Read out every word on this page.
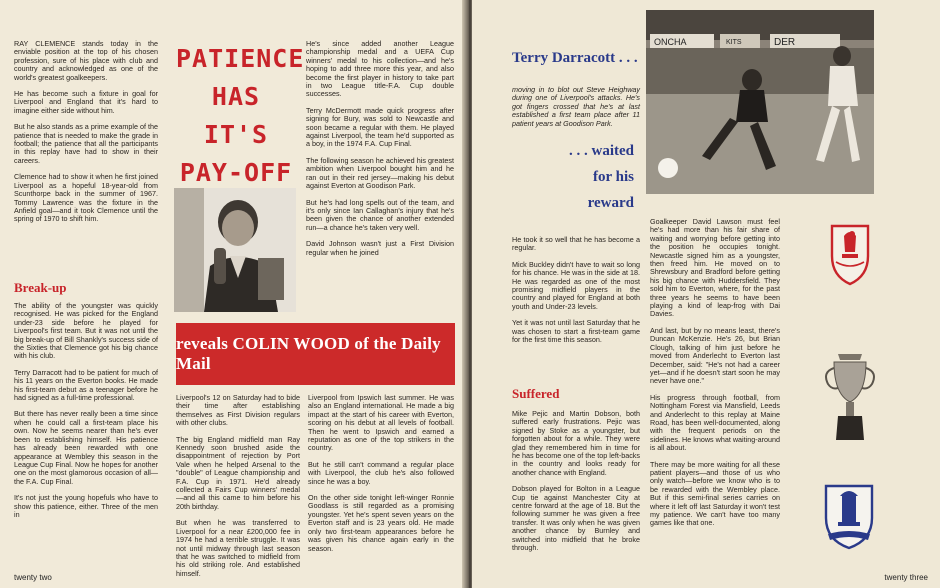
RAY CLEMENCE stands today in the enviable position at the top of his chosen profession, sure of his place with club and country and acknowledged as one of the world's greatest goalkeepers.

He has become such a fixture in goal for Liverpool and England that it's hard to imagine either side without him.

But he also stands as a prime example of the patience that is needed to make the grade in football; the patience that all the participants in this replay have had to show in their careers.

Clemence had to show it when he first joined Liverpool as a hopeful 18-year-old from Scunthorpe back in the summer of 1967. Tommy Lawrence was the fixture in the Anfield goal—and it took Clemence until the spring of 1970 to shift him.

Break-up

The ability of the youngster was quickly recognised. He was picked for the England under-23 side before he played for Liverpool's first team. But it was not until the big break-up of Bill Shankly's success side of the Sixties that Clemence got his big chance with his club.

Terry Darracott had to be patient for much of his 11 years on the Everton books. He made his first-team debut as a teenager before he had signed as a full-time professional.

But there has never really been a time since when he could call a first-team place his own. Now he seems nearer than he's ever been to establishing himself. His patience has already been rewarded with one appearance at Wembley this season in the League Cup Final. Now he hopes for another one on the most glamorous occasion of all—the F.A. Cup Final.

It's not just the young hopefuls who have to show this patience, either. Three of the men in

PATIENCE
HAS IT'S
PAY-OFF

He's since added another League championship medal and a UEFA Cup winners' medal to his collection—and he's hoping to add three more this year, and also become the first player in history to take part in two League title-F.A. Cup double successes.

Terry McDermott made quick progress after signing for Bury, was sold to Newcastle and soon became a regular with them. He played against Liverpool, the team he'd supported as a boy, in the 1974 F.A. Cup Final.

The following season he achieved his greatest ambition when Liverpool bought him and he ran out in their red jersey—making his debut against Everton at Goodison Park.

But he's had long spells out of the team, and it's only since Ian Callaghan's injury that he's been given the chance of another extended run—a chance he's taken very well.

David Johnson wasn't just a First Division regular when he joined

reveals COLIN WOOD of the Daily Mail

Liverpool's 12 on Saturday had to bide their time after establishing themselves as First Division regulars with other clubs.

The big England midfield man Ray Kennedy soon brushed aside the disappointment of rejection by Port Vale when he helped Arsenal to the "double" of League championship and F.A. Cup in 1971. He'd already collected a Fairs Cup winners' medal—and all this came to him before his 20th birthday.

But when he was transferred to Liverpool for a near £200,000 fee in 1974 he had a terrible struggle. It was not until midway through last season that he was switched to midfield from his old striking role. And established himself.

Liverpool from Ipswich last summer. He was also an England international. He made a big impact at the start of his career with Everton, scoring on his debut at all levels of football. Then he went to Ipswich and earned a reputation as one of the top strikers in the country.

But he still can't command a regular place with Liverpool, the club he's also followed since he was a boy.

On the other side tonight left-winger Ronnie Goodlass is still regarded as a promising youngster. Yet he's spent seven years on the Everton staff and is 23 years old. He made only two first-team appearances before he was given his chance again early in the season.

twenty two
Terry Darracott . . .
moving in to blot out Steve Heighway during one of Liverpool's attacks. He's got fingers crossed that he's at last established a first team place after 11 patient years at Goodison Park.
. . . waited
for his
reward
ONCHA	KITS	DER

He took it so well that he has become a regular.

Mick Buckley didn't have to wait so long for his chance. He was in the side at 18. He was regarded as one of the most promising midfield players in the country and played for England at both youth and Under-23 levels.

Yet it was not until last Saturday that he was chosen to start a first-team game for the first time this season.

Suffered

Mike Pejic and Martin Dobson, both suffered early frustrations. Pejic was signed by Stoke as a youngster, but forgotten about for a while. They were glad they remembered him in time for he has become one of the top left-backs in the country and looks ready for another chance with England.

Dobson played for Bolton in a League Cup tie against Manchester City at centre forward at the age of 18. But the following summer he was given a free transfer. It was only when he was given another chance by Burnley and switched into midfield that he broke through.

Goalkeeper David Lawson must feel he's had more than his fair share of waiting and worrying before getting into the position he occupies tonight. Newcastle signed him as a youngster, then freed him. He moved on to Shrewsbury and Bradford before getting his big chance with Huddersfield. They sold him to Everton, where, for the past three years he seems to have been playing a kind of leap-frog with Dai Davies.

And last, but by no means least, there's Duncan McKenzie. He's 26, but Brian Clough, talking of him just before he moved from Anderlecht to Everton last December, said: "He's not had a career yet—and if he doesn't start soon he may never have one."

His progress through football, from Nottingham Forest via Mansfield, Leeds and Anderlecht to this replay at Maine Road, has been well-documented, along with the frequent periods on the sidelines. He knows what waiting-around is all about.

There may be more waiting for all these patient players—and those of us who only watch—before we know who is to be rewarded with the Wembley place. But if this semi-final series carries on where it left off last Saturday it won't test my patience. We can't have too many games like that one.

twenty three
